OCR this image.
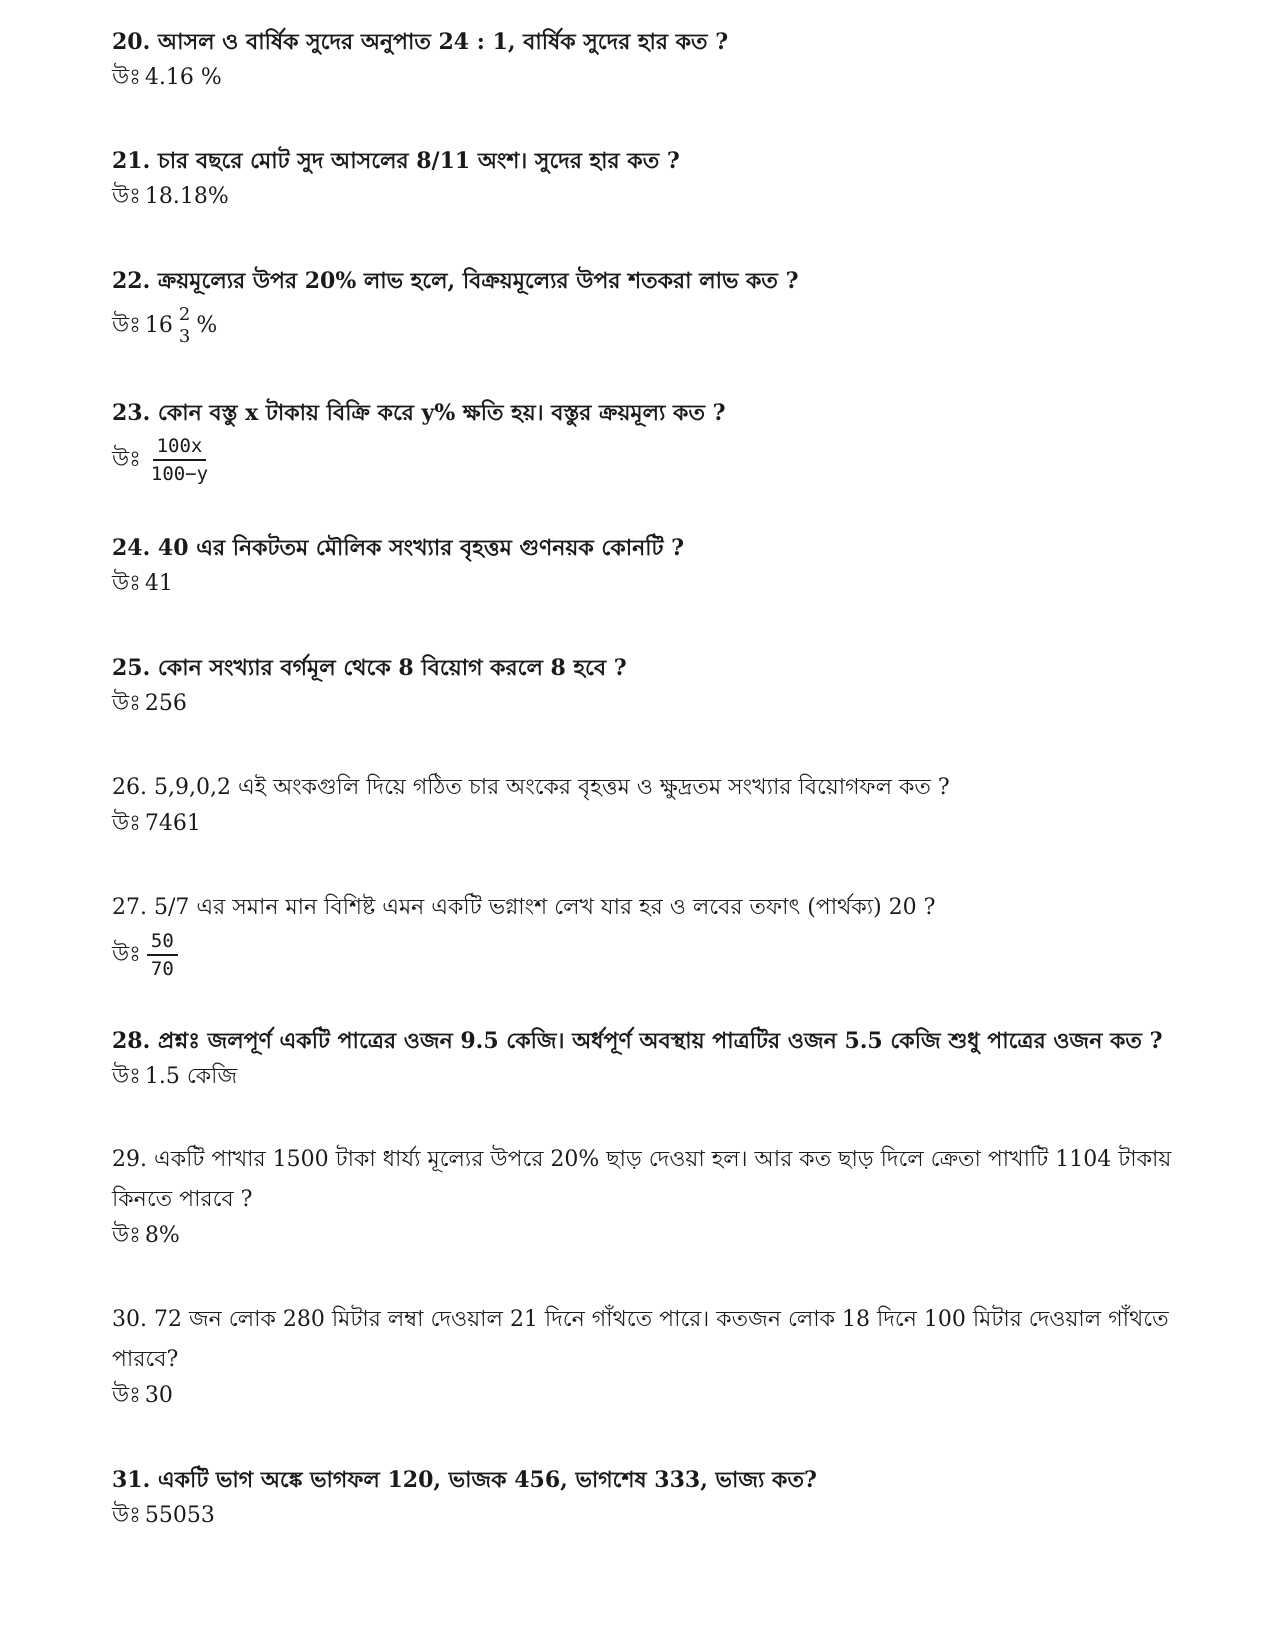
20. আসল ও বার্ষিক সুদের অনুপাত 24 : 1, বার্ষিক সুদের হার কত ?

উঃ 4.16 %

21. চার বছরে মোট সুদ আসলের 8/11 অংশ। সুদের হার কত ?

উঃ 18.18%

22. ক্রয়মূল্যের উপর 20% লাভ হলে, বিক্রয়মূল্যের উপর শতকরা লাভ কত ?

উঃ 16 2
3 %

23. কোন বস্তু x টাকায় বিক্রি করে y% ক্ষতি হয়। বস্তুর ক্রয়মূল্য কত ?

উঃ $\frac{100x}{100-y}$

24. 40 এর নিকটতম মৌলিক সংখ্যার বৃহত্তম গুণনয়ক কোনটি ?

উঃ 41

25. কোন সংখ্যার বর্গমূল থেকে 8 বিয়োগ করলে 8 হবে ?

উঃ 256

26. 5,9,0,2 এই অংকগুলি দিয়ে গঠিত চার অংকের বৃহত্তম ও ক্ষুদ্রতম সংখ্যার বিয়োগফল কত ?

উঃ 7461

27. 5/7 এর সমান মান বিশিষ্ট এমন একটি ভগ্নাংশ লেখ যার হর ও লবের তফাৎ (পার্থক্য) 20 ?

উঃ $\frac{50}{70}$

28. প্রশ্নঃ জলপূর্ণ একটি পাত্রের ওজন 9.5 কেজি। অর্ধপূর্ণ অবস্থায় পাত্রটির ওজন 5.5 কেজি শুধু পাত্রের ওজন কত ?

উঃ 1.5 কেজি

29. একটি পাখার 1500 টাকা ধার্য্য মূল্যের উপরে 20% ছাড় দেওয়া হল। আর কত ছাড় দিলে ক্রেতা পাখাটি 1104 টাকায় কিনতে পারবে ?

উঃ 8%

30. 72 জন লোক 280 মিটার লম্বা দেওয়াল 21 দিনে গাঁথতে পারে। কতজন লোক 18 দিনে 100 মিটার দেওয়াল গাঁথতে পারবে?

উঃ 30

31. একটি ভাগ অঙ্কে ভাগফল 120, ভাজক 456, ভাগশেষ 333, ভাজ্য কত?

উঃ 55053
